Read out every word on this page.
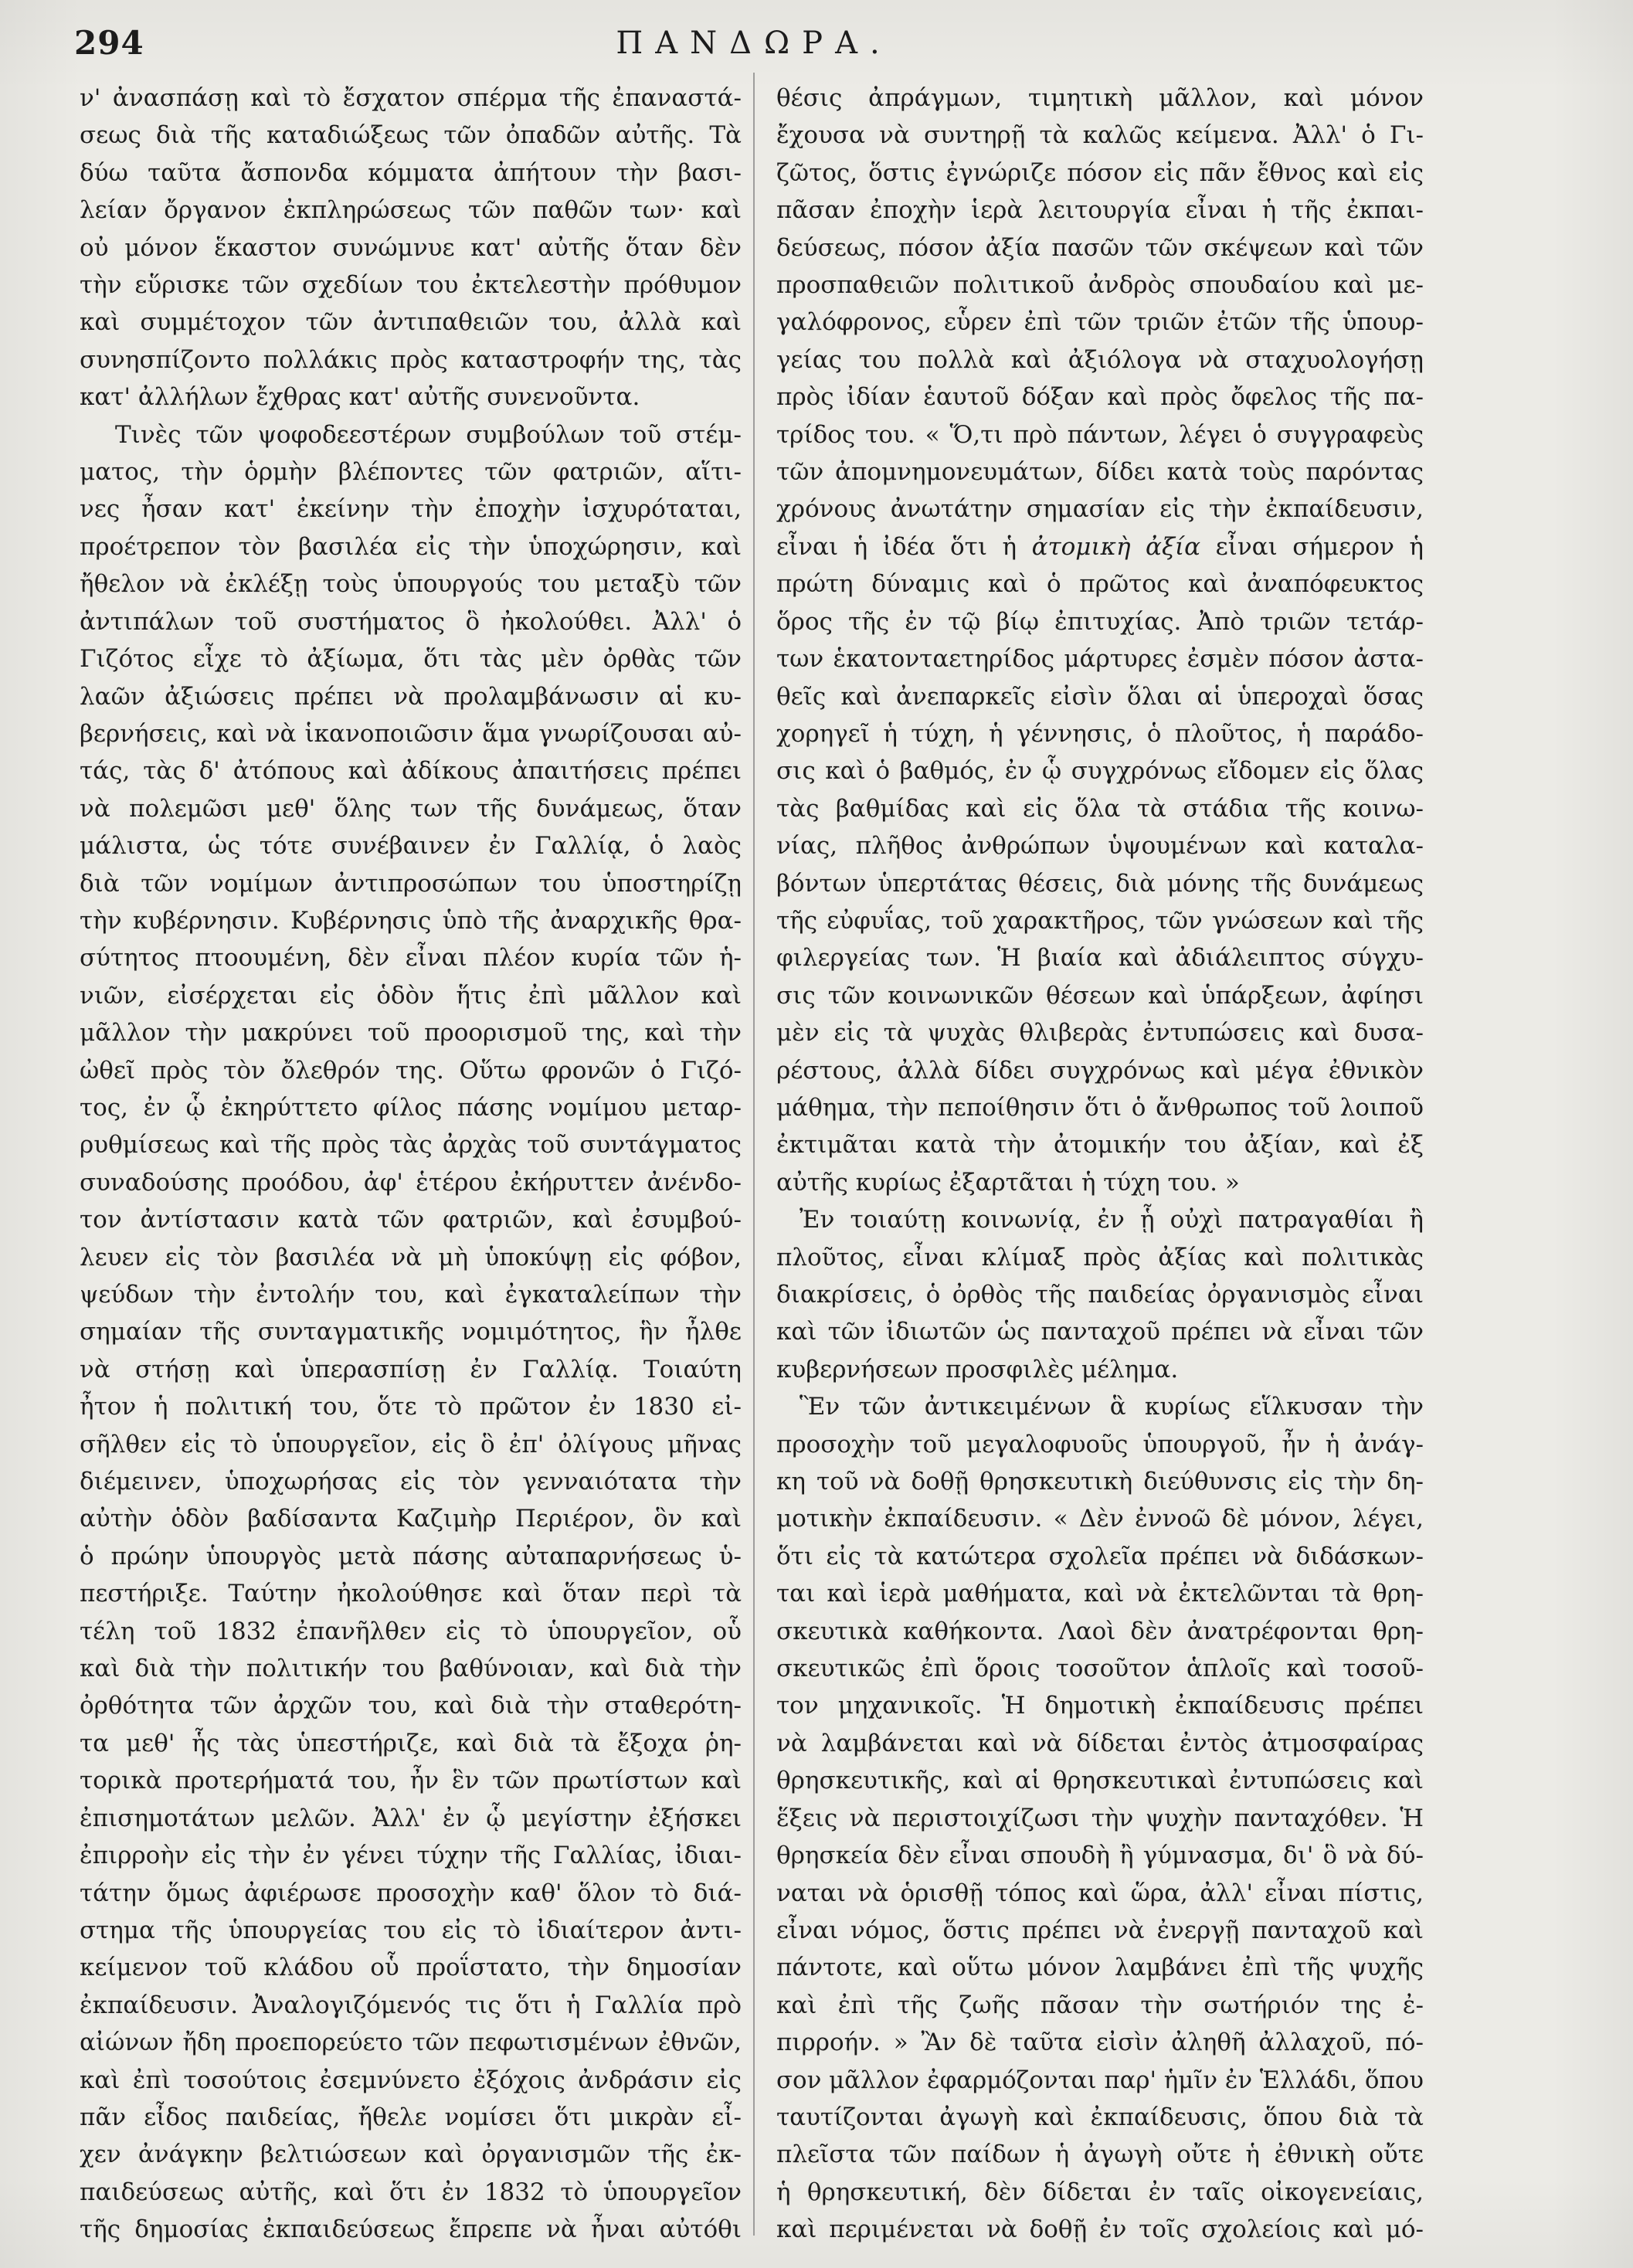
294	ΠΑΝΔΩΡΑ.
ν' ἀνασπάσῃ καὶ τὸ ἔσχατον σπέρμα τῆς ἐπαναστά-
σεως διὰ τῆς καταδιώξεως τῶν ὀπαδῶν αὐτῆς. Τὰ
δύω ταῦτα ἄσπονδα κόμματα ἀπήτουν τὴν βασι-
λείαν ὄργανον ἐκπληρώσεως τῶν παθῶν των· καὶ
οὐ μόνον ἕκαστον συνώμνυε κατ' αὐτῆς ὅταν δὲν
τὴν εὕρισκε τῶν σχεδίων του ἐκτελεστὴν πρόθυμον
καὶ συμμέτοχον τῶν ἀντιπαθειῶν του, ἀλλὰ καὶ
συνησπίζοντο πολλάκις πρὸς καταστροφήν της, τὰς
κατ' ἀλλήλων ἔχθρας κατ' αὐτῆς συνενοῦντα.
Τινὲς τῶν ψοφοδεεστέρων συμβούλων τοῦ στέμ-
ματος, τὴν ὁρμὴν βλέποντες τῶν φατριῶν, αἵτι-
νες ἦσαν κατ' ἐκείνην τὴν ἐποχὴν ἰσχυρόταται,
προέτρεπον τὸν βασιλέα εἰς τὴν ὑποχώρησιν, καὶ
ἤθελον νὰ ἐκλέξῃ τοὺς ὑπουργούς του μεταξὺ τῶν
ἀντιπάλων τοῦ συστήματος ὃ ἠκολούθει. Ἀλλ' ὁ
Γιζότος εἶχε τὸ ἀξίωμα, ὅτι τὰς μὲν ὀρθὰς τῶν
λαῶν ἀξιώσεις πρέπει νὰ προλαμβάνωσιν αἱ κυ-
βερνήσεις, καὶ νὰ ἱκανοποιῶσιν ἅμα γνωρίζουσαι αὐ-
τάς, τὰς δ' ἀτόπους καὶ ἀδίκους ἀπαιτήσεις πρέπει
νὰ πολεμῶσι μεθ' ὅλης των τῆς δυνάμεως, ὅταν
μάλιστα, ὡς τότε συνέβαινεν ἐν Γαλλίᾳ, ὁ λαὸς
διὰ τῶν νομίμων ἀντιπροσώπων του ὑποστηρίζῃ
τὴν κυβέρνησιν. Κυβέρνησις ὑπὸ τῆς ἀναρχικῆς θρα-
σύτητος πτοουμένη, δὲν εἶναι πλέον κυρία τῶν ἡ-
νιῶν, εἰσέρχεται εἰς ὁδὸν ἥτις ἐπὶ μᾶλλον καὶ
μᾶλλον τὴν μακρύνει τοῦ προορισμοῦ της, καὶ τὴν
ὠθεῖ πρὸς τὸν ὄλεθρόν της. Οὕτω φρονῶν ὁ Γιζό-
τος, ἐν ᾧ ἐκηρύττετο φίλος πάσης νομίμου μεταρ-
ρυθμίσεως καὶ τῆς πρὸς τὰς ἀρχὰς τοῦ συντάγματος
συναδούσης προόδου, ἀφ' ἑτέρου ἐκήρυττεν ἀνένδο-
τον ἀντίστασιν κατὰ τῶν φατριῶν, καὶ ἐσυμβού-
λευεν εἰς τὸν βασιλέα νὰ μὴ ὑποκύψῃ εἰς φόβον,
ψεύδων τὴν ἐντολήν του, καὶ ἐγκαταλείπων τὴν
σημαίαν τῆς συνταγματικῆς νομιμότητος, ἣν ἦλθε
νὰ στήσῃ καὶ ὑπερασπίσῃ ἐν Γαλλίᾳ. Τοιαύτη
ἦτον ἡ πολιτική του, ὅτε τὸ πρῶτον ἐν 1830 εἰ-
σῆλθεν εἰς τὸ ὑπουργεῖον, εἰς ὃ ἐπ' ὀλίγους μῆνας
διέμεινεν, ὑποχωρήσας εἰς τὸν γενναιότατα τὴν
αὐτὴν ὁδὸν βαδίσαντα Καζιμὴρ Περιέρον, ὃν καὶ
ὁ πρώην ὑπουργὸς μετὰ πάσης αὐταπαρνήσεως ὑ-
πεστήριξε. Ταύτην ἠκολούθησε καὶ ὅταν περὶ τὰ
τέλη τοῦ 1832 ἐπανῆλθεν εἰς τὸ ὑπουργεῖον, οὗ
καὶ διὰ τὴν πολιτικήν του βαθύνοιαν, καὶ διὰ τὴν
ὀρθότητα τῶν ἀρχῶν του, καὶ διὰ τὴν σταθερότη-
τα μεθ' ἧς τὰς ὑπεστήριζε, καὶ διὰ τὰ ἔξοχα ῥη-
τορικὰ προτερήματά του, ἦν ἓν τῶν πρωτίστων καὶ
ἐπισημοτάτων μελῶν. Ἀλλ' ἐν ᾧ μεγίστην ἐξήσκει
ἐπιρροὴν εἰς τὴν ἐν γένει τύχην τῆς Γαλλίας, ἰδιαι-
τάτην ὅμως ἀφιέρωσε προσοχὴν καθ' ὅλον τὸ διά-
στημα τῆς ὑπουργείας του εἰς τὸ ἰδιαίτερον ἀντι-
κείμενον τοῦ κλάδου οὗ προΐστατο, τὴν δημοσίαν
ἐκπαίδευσιν. Ἀναλογιζόμενός τις ὅτι ἡ Γαλλία πρὸ
αἰώνων ἤδη προεπορεύετο τῶν πεφωτισμένων ἐθνῶν,
καὶ ἐπὶ τοσούτοις ἐσεμνύνετο ἐξόχοις ἀνδράσιν εἰς
πᾶν εἶδος παιδείας, ἤθελε νομίσει ὅτι μικρὰν εἶ-
χεν ἀνάγκην βελτιώσεων καὶ ὀργανισμῶν τῆς ἐκ-
παιδεύσεως αὐτῆς, καὶ ὅτι ἐν 1832 τὸ ὑπουργεῖον
τῆς δημοσίας ἐκπαιδεύσεως ἔπρεπε νὰ ἦναι αὐτόθι
θέσις ἀπράγμων, τιμητικὴ μᾶλλον, καὶ μόνον
ἔχουσα νὰ συντηρῇ τὰ καλῶς κείμενα. Ἀλλ' ὁ Γι-
ζῶτος, ὅστις ἐγνώριζε πόσον εἰς πᾶν ἔθνος καὶ εἰς
πᾶσαν ἐποχὴν ἱερὰ λειτουργία εἶναι ἡ τῆς ἐκπαι-
δεύσεως, πόσον ἀξία πασῶν τῶν σκέψεων καὶ τῶν
προσπαθειῶν πολιτικοῦ ἀνδρὸς σπουδαίου καὶ με-
γαλόφρονος, εὗρεν ἐπὶ τῶν τριῶν ἐτῶν τῆς ὑπουρ-
γείας του πολλὰ καὶ ἀξιόλογα νὰ σταχυολογήσῃ
πρὸς ἰδίαν ἑαυτοῦ δόξαν καὶ πρὸς ὄφελος τῆς πα-
τρίδος του. « Ὅ,τι πρὸ πάντων, λέγει ὁ συγγραφεὺς
τῶν ἀπομνημονευμάτων, δίδει κατὰ τοὺς παρόντας
χρόνους ἀνωτάτην σημασίαν εἰς τὴν ἐκπαίδευσιν,
εἶναι ἡ ἰδέα ὅτι ἡ ἀτομικὴ ἀξία εἶναι σήμερον ἡ
πρώτη δύναμις καὶ ὁ πρῶτος καὶ ἀναπόφευκτος
ὅρος τῆς ἐν τῷ βίῳ ἐπιτυχίας. Ἀπὸ τριῶν τετάρ-
των ἑκατονταετηρίδος μάρτυρες ἐσμὲν πόσον ἀστα-
θεῖς καὶ ἀνεπαρκεῖς εἰσὶν ὅλαι αἱ ὑπεροχαὶ ὅσας
χορηγεῖ ἡ τύχη, ἡ γέννησις, ὁ πλοῦτος, ἡ παράδο-
σις καὶ ὁ βαθμός, ἐν ᾧ συγχρόνως εἴδομεν εἰς ὅλας
τὰς βαθμίδας καὶ εἰς ὅλα τὰ στάδια τῆς κοινω-
νίας, πλῆθος ἀνθρώπων ὑψουμένων καὶ καταλα-
βόντων ὑπερτάτας θέσεις, διὰ μόνης τῆς δυνάμεως
τῆς εὐφυΐας, τοῦ χαρακτῆρος, τῶν γνώσεων καὶ τῆς
φιλεργείας των. Ἡ βιαία καὶ ἀδιάλειπτος σύγχυ-
σις τῶν κοινωνικῶν θέσεων καὶ ὑπάρξεων, ἀφίησι
μὲν εἰς τὰ ψυχὰς θλιβερὰς ἐντυπώσεις καὶ δυσα-
ρέστους, ἀλλὰ δίδει συγχρόνως καὶ μέγα ἐθνικὸν
μάθημα, τὴν πεποίθησιν ὅτι ὁ ἄνθρωπος τοῦ λοιποῦ
ἐκτιμᾶται κατὰ τὴν ἀτομικήν του ἀξίαν, καὶ ἐξ
αὐτῆς κυρίως ἐξαρτᾶται ἡ τύχη του. »
Ἐν τοιαύτῃ κοινωνίᾳ, ἐν ᾗ οὐχὶ πατραγαθίαι ἢ
πλοῦτος, εἶναι κλίμαξ πρὸς ἀξίας καὶ πολιτικὰς
διακρίσεις, ὁ ὀρθὸς τῆς παιδείας ὀργανισμὸς εἶναι
καὶ τῶν ἰδιωτῶν ὡς πανταχοῦ πρέπει νὰ εἶναι τῶν
κυβερνήσεων προσφιλὲς μέλημα.
Ἓν τῶν ἀντικειμένων ἃ κυρίως εἵλκυσαν τὴν
προσοχὴν τοῦ μεγαλοφυοῦς ὑπουργοῦ, ἦν ἡ ἀνάγ-
κη τοῦ νὰ δοθῇ θρησκευτικὴ διεύθυνσις εἰς τὴν δη-
μοτικὴν ἐκπαίδευσιν. « Δὲν ἐννοῶ δὲ μόνον, λέγει,
ὅτι εἰς τὰ κατώτερα σχολεῖα πρέπει νὰ διδάσκων-
ται καὶ ἱερὰ μαθήματα, καὶ νὰ ἐκτελῶνται τὰ θρη-
σκευτικὰ καθήκοντα. Λαοὶ δὲν ἀνατρέφονται θρη-
σκευτικῶς ἐπὶ ὅροις τοσοῦτον ἁπλοῖς καὶ τοσοῦ-
τον μηχανικοῖς. Ἡ δημοτικὴ ἐκπαίδευσις πρέπει
νὰ λαμβάνεται καὶ νὰ δίδεται ἐντὸς ἀτμοσφαίρας
θρησκευτικῆς, καὶ αἱ θρησκευτικαὶ ἐντυπώσεις καὶ
ἕξεις νὰ περιστοιχίζωσι τὴν ψυχὴν πανταχόθεν. Ἡ
θρησκεία δὲν εἶναι σπουδὴ ἢ γύμνασμα, δι' ὃ νὰ δύ-
ναται νὰ ὁρισθῇ τόπος καὶ ὥρα, ἀλλ' εἶναι πίστις,
εἶναι νόμος, ὅστις πρέπει νὰ ἐνεργῇ πανταχοῦ καὶ
πάντοτε, καὶ οὕτω μόνον λαμβάνει ἐπὶ τῆς ψυχῆς
καὶ ἐπὶ τῆς ζωῆς πᾶσαν τὴν σωτήριόν της ἐ-
πιρροήν. » Ἂν δὲ ταῦτα εἰσὶν ἀληθῆ ἀλλαχοῦ, πό-
σον μᾶλλον ἐφαρμόζονται παρ' ἡμῖν ἐν Ἑλλάδι, ὅπου
ταυτίζονται ἀγωγὴ καὶ ἐκπαίδευσις, ὅπου διὰ τὰ
πλεῖστα τῶν παίδων ἡ ἀγωγὴ οὔτε ἡ ἐθνικὴ οὔτε
ἡ θρησκευτική, δὲν δίδεται ἐν ταῖς οἰκογενείαις,
καὶ περιμένεται νὰ δοθῇ ἐν τοῖς σχολείοις καὶ μό-
